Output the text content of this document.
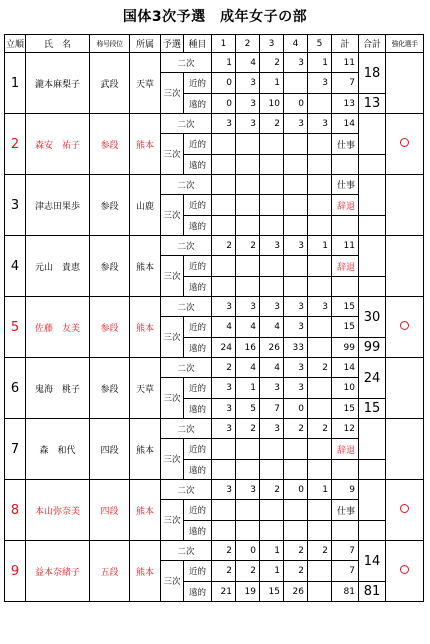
国体3次予選　成年女子の部
立順	氏　名	称号段位	所属	予選	種目	1	2	3	4	5	計	合計	強化選手
1	瀧本麻梨子	武段	天草	二次		1	4	2	3	1	11	18	
				三次	近的	0	3	1		3	7		
					遠的	0	3	10	0		13	13	
2	森安　祐子	参段	熊本	二次		3	3	2	3	3	14		
				三次	近的						仕事		
					遠的								
3	津志田果歩	参段	山鹿	二次							仕事		
				三次	近的						辞退		
					遠的								
4	元山　貴恵	参段	熊本	二次		2	2	3	3	1	11		
				三次	近的						辞退		
					遠的								
5	佐藤　友美	参段	熊本	二次		3	3	3	3	3	15	30	
				三次	近的	4	4	4	3		15		
					遠的	24	16	26	33		99	99	
6	鬼海　桃子	参段	天草	二次		2	4	4	3	2	14	24	
				三次	近的	3	1	3	3		10		
					遠的	3	5	7	0		15	15	
7	森　和代	四段	熊本	二次		3	2	3	2	2	12		
				三次	近的						辞退		
					遠的								
8	本山弥奈美	四段	熊本	二次		3	3	2	0	1	9		
				三次	近的						仕事		
					遠的								
9	益本奈緒子	五段	熊本	二次		2	0	1	2	2	7	14	
				三次	近的	2	2	1	2		7		
					遠的	21	19	15	26		81	81	
